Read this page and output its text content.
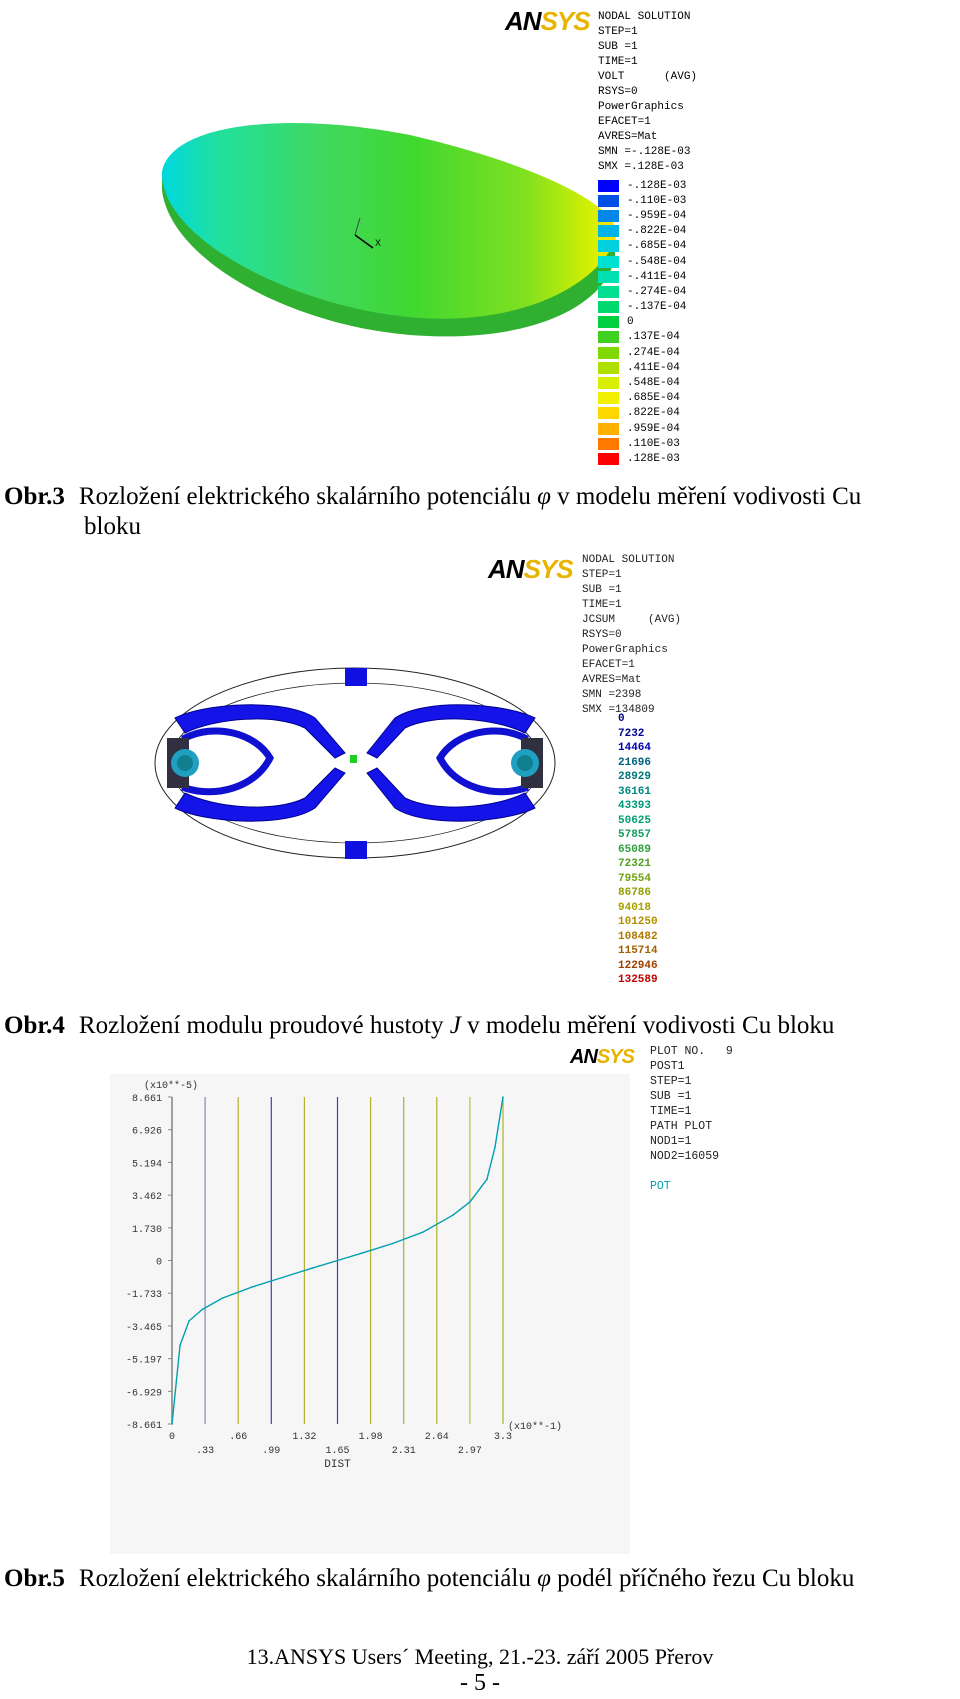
X
ANSYS NODAL SOLUTION
STEP=1
SUB =1
TIME=1
VOLT      (AVG)
RSYS=0
PowerGraphics
EFACET=1
AVRES=Mat
SMN =-.128E-03
SMX =.128E-03
-.128E-03
-.110E-03
-.959E-04
-.822E-04
-.685E-04
-.548E-04
-.411E-04
-.274E-04
-.137E-04
0
.137E-04
.274E-04
.411E-04
.548E-04
.685E-04
.822E-04
.959E-04
.110E-03
.128E-03
Obr.3 Rozložení elektrického skalárního potenciálu φ v modelu měření vodivosti Cu
bloku
ANSYS NODAL SOLUTION
STEP=1
SUB =1
TIME=1
JCSUM     (AVG)
RSYS=0
PowerGraphics
EFACET=1
AVRES=Mat
SMN =2398
SMX =134809
0
7232
14464
21696
28929
36161
43393
50625
57857
65089
72321
79554
86786
94018
101250
108482
115714
122946
132589
Obr.4 Rozložení modulu proudové hustoty J v modelu měření vodivosti Cu bloku
ANSYS PLOT NO.   9
POST1
STEP=1
SUB =1
TIME=1
PATH PLOT
NOD1=1
NOD2=16059
POT
8.661
6.926
5.194
3.462
1.730
0
-1.733
-3.465
-5.197
-6.929
-8.661
0	.66	1.32	1.98	2.64	3.3
.33	.99	1.65	2.31	2.97
DIST
(x10**-5)
(x10**-1)
Obr.5 Rozložení elektrického skalárního potenciálu φ podél příčného řezu Cu bloku
13.ANSYS Users´ Meeting, 21.-23. září 2005 Přerov
- 5 -
